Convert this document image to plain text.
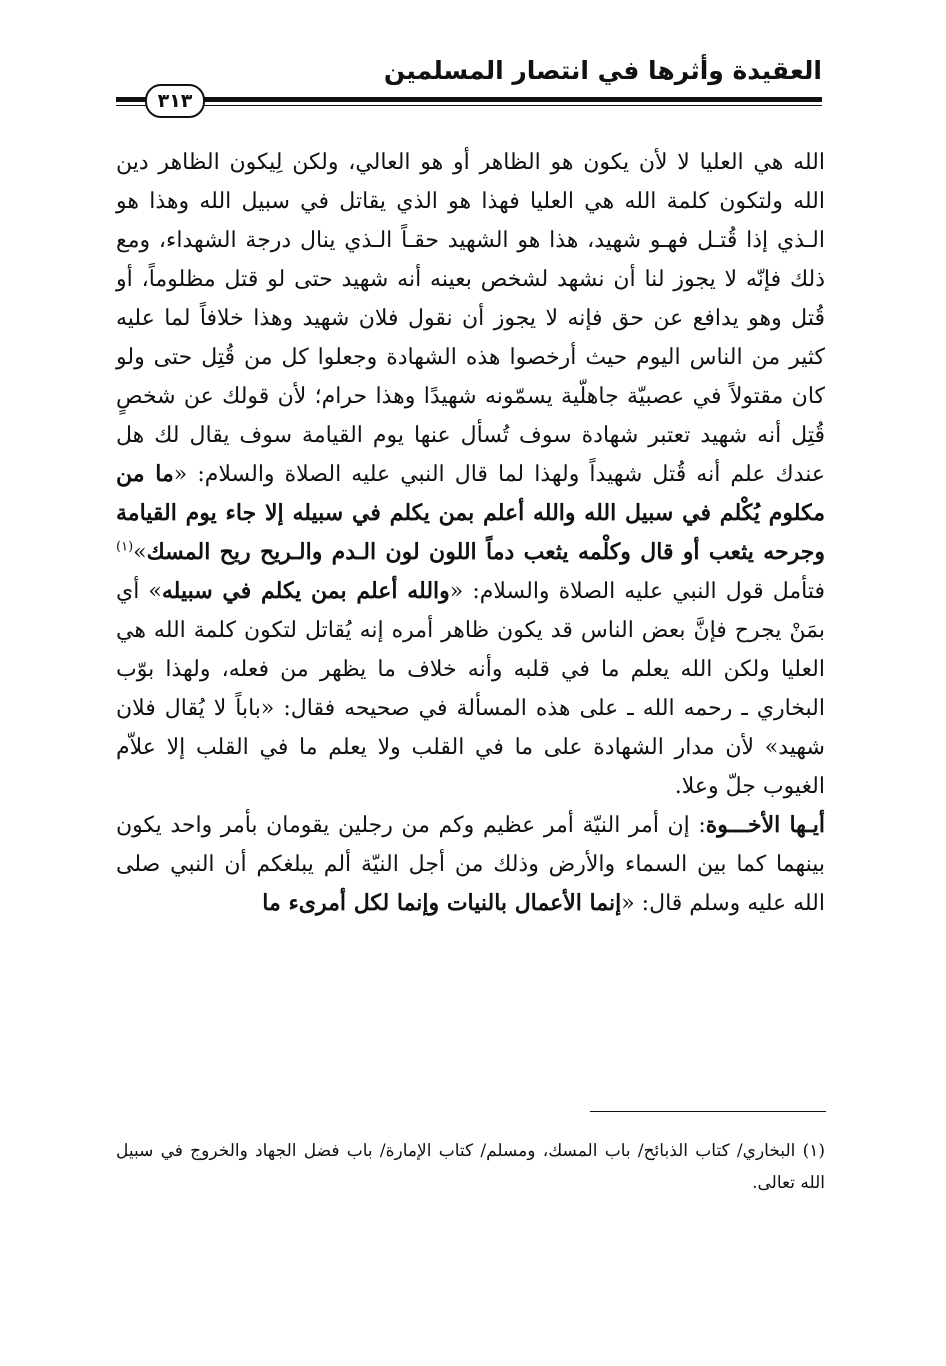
العقيدة وأثرها في انتصار المسلمين
٣١٣

الله هي العليا لا لأن يكون هو الظاهر أو هو العالي، ولكن لِيكون الظاهر دين الله ولتكون كلمة الله هي العليا فهذا هو الذي يقاتل في سبيل الله وهذا هو الـذي إذا قُتـل فهـو شهيد، هذا هو الشهيد حقـاً الـذي ينال درجة الشهداء، ومع ذلك فإنّه لا يجوز لنا أن نشهد لشخص بعينه أنه شهيد حتى لو قتل مظلوماً، أو قُتل وهو يدافع عن حق فإنه لا يجوز أن نقول فلان شهيد وهذا خلافاً لما عليه كثير من الناس اليوم حيث أرخصوا هذه الشهادة وجعلوا كل من قُتِل حتى ولو كان مقتولاً في عصبيّة جاهلّية يسمّونه شهيدًا وهذا حرام؛ لأن قولك عن شخصٍ قُتِل أنه شهيد تعتبر شهادة سوف تُسأل عنها يوم القيامة سوف يقال لك هل عندك علم أنه قُتل شهيداً ولهذا لما قال النبي عليه الصلاة والسلام: «ما من مكلوم يُكْلم في سبيل الله والله أعلم بمن يكلم في سبيله إلا جاء يوم القيامة وجرحه يثعب أو قال وكلْمه يثعب دماً اللون لون الـدم والـريح ريح المسك»$^{(١)}$ فتأمل قول النبي عليه الصلاة والسلام: «والله أعلم بمن يكلم في سبيله» أي بمَنْ يجرح فإنَّ بعض الناس قد يكون ظاهر أمره إنه يُقاتل لتكون كلمة الله هي العليا ولكن الله يعلم ما في قلبه وأنه خلاف ما يظهر من فعله، ولهذا بوّب البخاري ـ رحمه الله ـ على هذه المسألة في صحيحه فقال: «باباً لا يُقال فلان شهيد» لأن مدار الشهادة على ما في القلب ولا يعلم ما في القلب إلا علاّم الغيوب جلّ وعلا.

أيـها الأخـــوة: إن أمر النيّة أمر عظيم وكم من رجلين يقومان بأمر واحد يكون بينهما كما بين السماء والأرض وذلك من أجل النيّة ألم يبلغكم أن النبي صلى الله عليه وسلم قال: «إنما الأعمال بالنيات وإنما لكل أمرىء ما

(١) البخاري/ كتاب الذبائح/ باب المسك، ومسلم/ كتاب الإمارة/ باب فضل الجهاد والخروج في سبيل الله تعالى.
